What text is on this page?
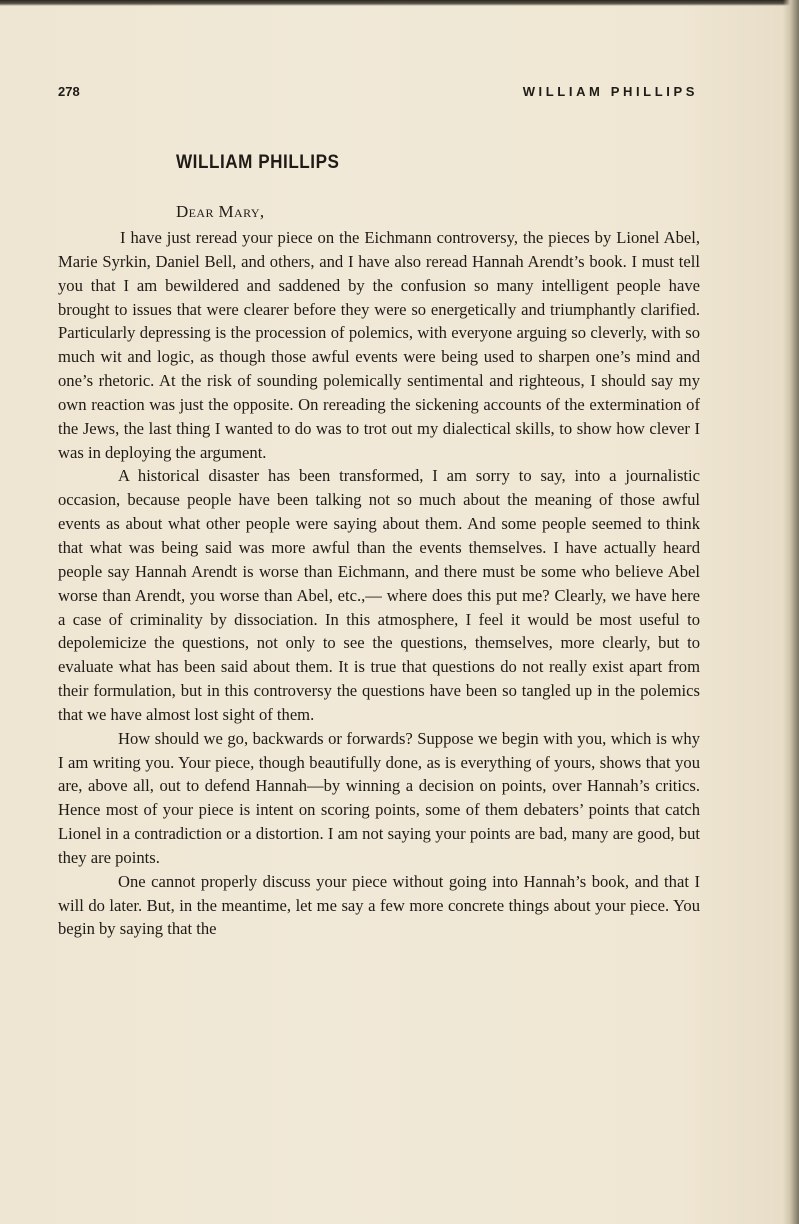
278	WILLIAM PHILLIPS
WILLIAM PHILLIPS

Dear Mary,

I have just reread your piece on the Eichmann controversy, the pieces by Lionel Abel, Marie Syrkin, Daniel Bell, and others, and I have also reread Hannah Arendt’s book. I must tell you that I am bewildered and saddened by the confusion so many intelligent people have brought to issues that were clearer before they were so energetically and triumphantly clarified. Particularly depressing is the procession of polemics, with everyone arguing so cleverly, with so much wit and logic, as though those awful events were being used to sharpen one’s mind and one’s rhetoric. At the risk of sounding polemically sentimental and righteous, I should say my own reaction was just the opposite. On rereading the sickening accounts of the extermination of the Jews, the last thing I wanted to do was to trot out my dialectical skills, to show how clever I was in deploying the argument.

A historical disaster has been transformed, I am sorry to say, into a journalistic occasion, because people have been talking not so much about the meaning of those awful events as about what other people were saying about them. And some people seemed to think that what was being said was more awful than the events themselves. I have actually heard people say Hannah Arendt is worse than Eichmann, and there must be some who believe Abel worse than Arendt, you worse than Abel, etc.,— where does this put me? Clearly, we have here a case of criminality by dissociation. In this atmosphere, I feel it would be most useful to depolemicize the questions, not only to see the questions, themselves, more clearly, but to evaluate what has been said about them. It is true that questions do not really exist apart from their formulation, but in this controversy the questions have been so tangled up in the polemics that we have almost lost sight of them.

How should we go, backwards or forwards? Suppose we begin with you, which is why I am writing you. Your piece, though beautifully done, as is everything of yours, shows that you are, above all, out to defend Hannah—by winning a decision on points, over Hannah’s critics. Hence most of your piece is intent on scoring points, some of them debaters’ points that catch Lionel in a contradiction or a distortion. I am not saying your points are bad, many are good, but they are points.

One cannot properly discuss your piece without going into Hannah’s book, and that I will do later. But, in the meantime, let me say a few more concrete things about your piece. You begin by saying that the
